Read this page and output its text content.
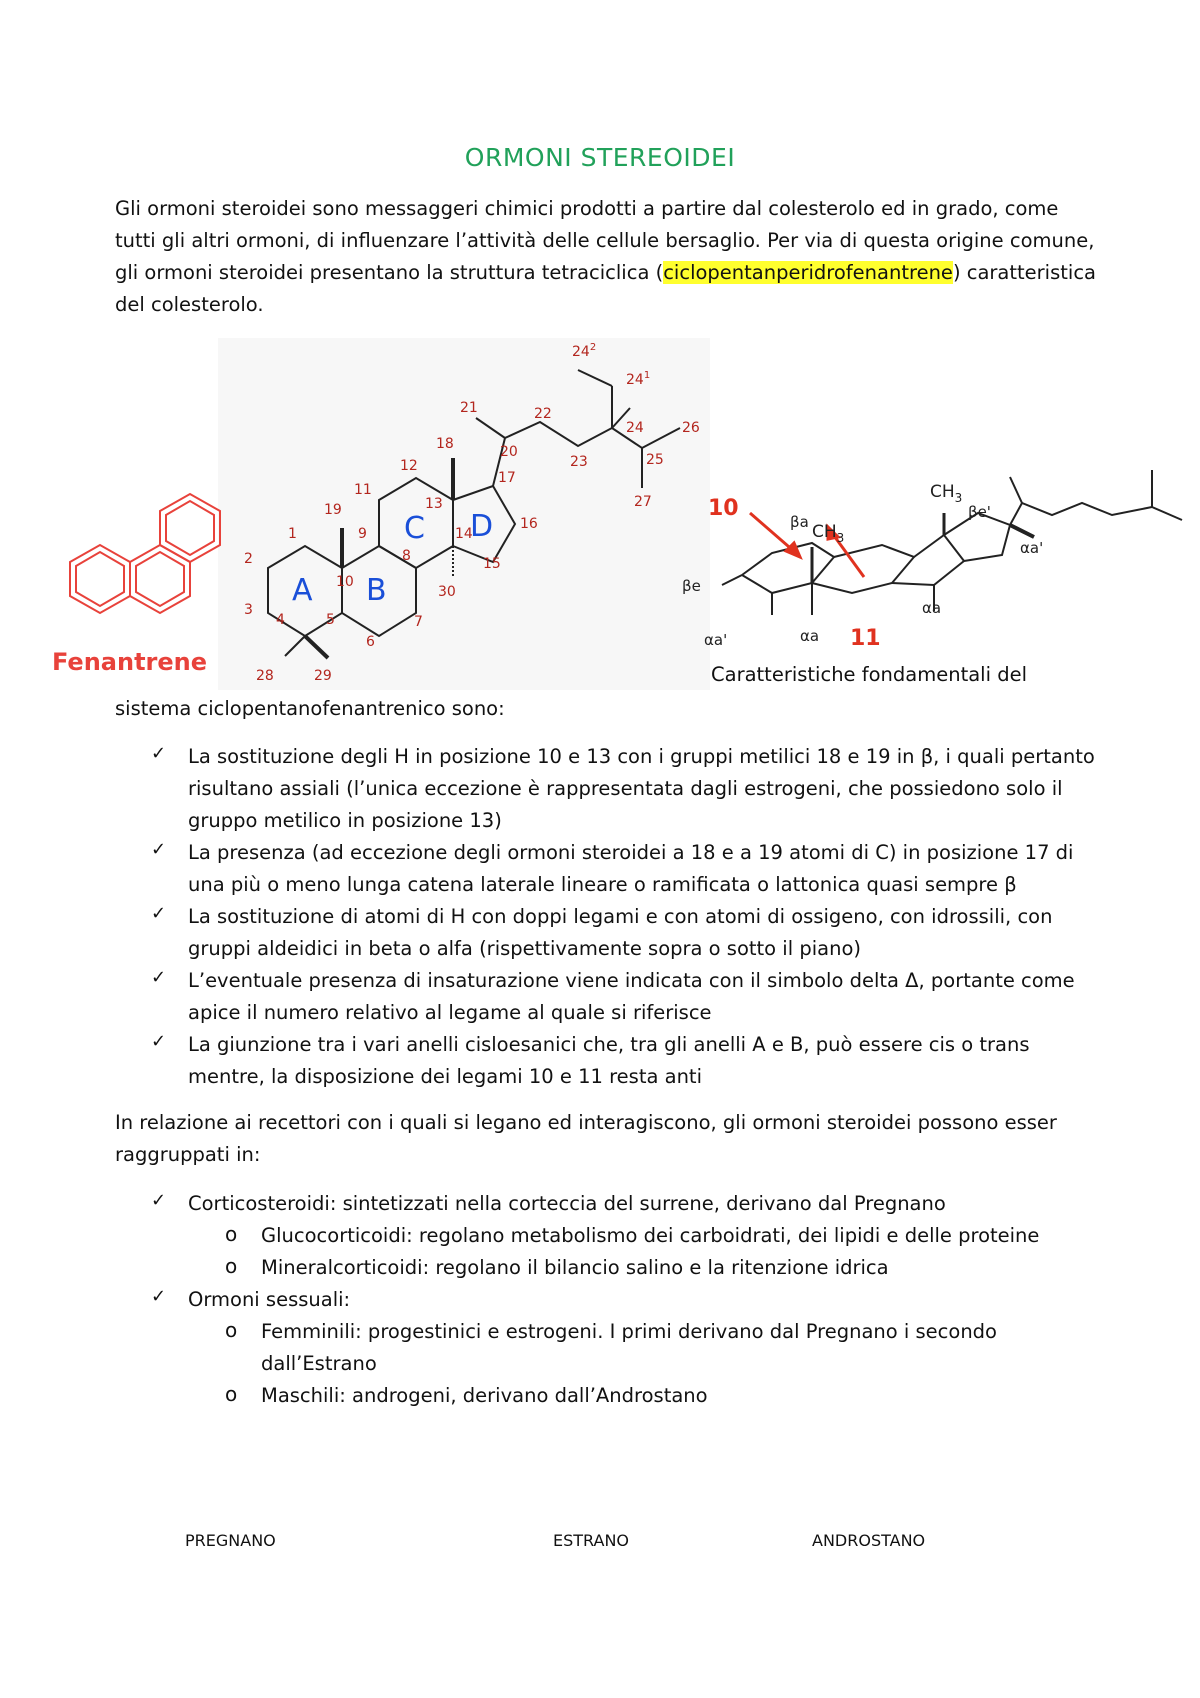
ORMONI STEREOIDEI
Gli ormoni steroidei sono messaggeri chimici prodotti a partire dal colesterolo ed in grado, come tutti gli altri ormoni, di influenzare l’attività delle cellule bersaglio. Per via di questa origine comune, gli ormoni steroidei presentano la struttura tetraciclica (ciclopentanperidrofenantrene) caratteristica del colesterolo.
Fenantrene
A B
C D
1
2
3
4	5
6
7
8
9
10
11
12
13
14
15
16
17
18
19
20
21	22
23
24
25
26
27
28	29
30
$24^1$
$24^2$
10
11
βa $CH_3$
$CH_3$
βe
βe'
αa'	αa
αa
αa'
Caratteristiche fondamentali del
sistema ciclopentanofenantrenico sono:
✓ La sostituzione degli H in posizione 10 e 13 con i gruppi metilici 18 e 19 in β, i quali pertanto risultano assiali (l’unica eccezione è rappresentata dagli estrogeni, che possiedono solo il gruppo metilico in posizione 13)
✓ La presenza (ad eccezione degli ormoni steroidei a 18 e a 19 atomi di C) in posizione 17 di una più o meno lunga catena laterale lineare o ramificata o lattonica quasi sempre β
✓ La sostituzione di atomi di H con doppi legami e con atomi di ossigeno, con idrossili, con gruppi aldeidici in beta o alfa (rispettivamente sopra o sotto il piano)
✓ L’eventuale presenza di insaturazione viene indicata con il simbolo delta Δ, portante come apice il numero relativo al legame al quale si riferisce
✓ La giunzione tra i vari anelli cisloesanici che, tra gli anelli A e B, può essere cis o trans mentre, la disposizione dei legami 10 e 11 resta anti
In relazione ai recettori con i quali si legano ed interagiscono, gli ormoni steroidei possono esser raggruppati in:
✓ Corticosteroidi: sintetizzati nella corteccia del surrene, derivano dal Pregnano
o Glucocorticoidi: regolano metabolismo dei carboidrati, dei lipidi e delle proteine
o Mineralcorticoidi: regolano il bilancio salino e la ritenzione idrica
✓ Ormoni sessuali:
o Femminili: progestinici e estrogeni. I primi derivano dal Pregnano i secondo dall’Estrano
o Maschili: androgeni, derivano dall’Androstano
PREGNANO	ESTRANO	ANDROSTANO
